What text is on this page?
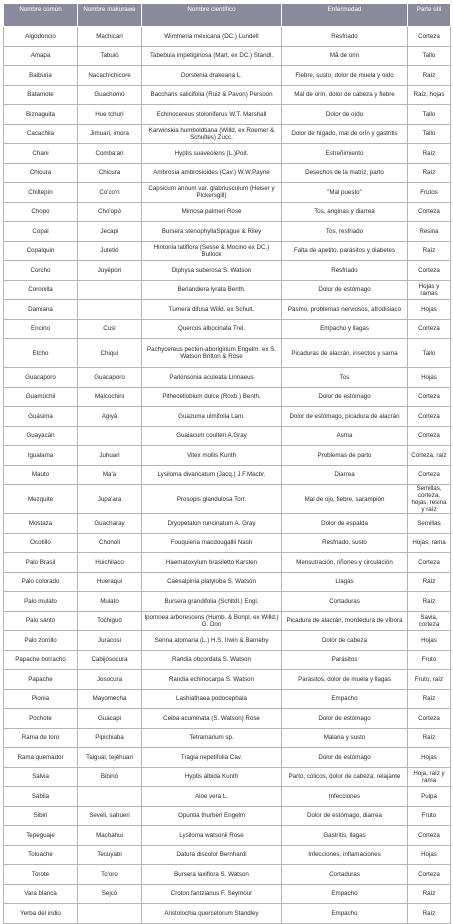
Nombre común	Nombre makurawe	Nombre científico	Enfermedad	Parte útil
Algodoncio	Machicari	Wimmeria mexicana (DC.) Lundell	Resfriado	Corteza
Amapa	Tabuió	Tabebuia impetiginosa (Mart. ex DC.) Standl.	Mã de orin	Tallo
Baiburia	Nacachichicore	Dorstenia drakeana L.	Fiebre, susto, dolor de muela y oido	Raíz
Batamote	Guachomó	Baccharis salicifolia (Ruiz & Pavon) Persoon	Mal de orín, dolor de cabeza y fiebre	Raíz, hojas
Biznaguita	Hue tchurí	Echinocereus stoloniferus W.T. Marshall	Dolor de oído	Tallo
Cacachila	Jimuari, imora	Karwinskia humboldtiana (Willd. ex Roemer & Schultes) Zucc.	Dolor de hígado, mal de orín y gastritis	Tallo
Chani	Comba'ari	Hyptis suaveolens (L.)Poit.	Estreñimiento	Raíz
Chicura	Chicura	Ambrosia ambrosioides (Cav.) W.W.Payne	Desechos de la matriz, parto	Raíz
Chiltepín	Co'co'ri	Capsicum annum var. glabriusculum (Heiser y Pickersgill)	"Mal puesto"	Frutos
Chopo	Cho'opó	Mimosa palmeri Rose	Tos, anginas y diarrea	Corteza
Copal	Jecapi	Bursera stenophyllaSprague & Riley	Tos, resfriado	Resina
Copalquin	Jutetió	Hintonia latiflora (Sesse & Mocino ex DC.) Bullock	Falta de apetito, parásitos y diabetes	Raíz
Corcho	Juyépori	Diphysa suberosa S. Watson	Resfriado	Corteza
Coronilla		Berlandiera lyrata Benth.	Dolor de estómago	Hojas y ramas
Damiana		Turnera difusa Willd. ex Schult.	Pasmo, problemas nerviosos, afrodisiaco	Hojas
Encino	Cusi	Quercus albocinata Trel.	Empacho y llagas	Corteza
Etcho	Chiquí	Pachycereus pecten-aboriginum Engelm. ex S. Watson Britton & Rose	Picaduras de alacrán, insectos y sarna	Tallo
Guacaporo	Guacaporo	Parkinsonia aculeata Linnaeus	Tos	Hojas
Guamúchil	Maicochini	Pithecellobium dulce (Roxb.) Benth.	Dolor de estómago	Corteza
Guásima	Agiyá	Guazuma ulmifolia Lam.	Dolor de estómago, picadura de alacrán	Corteza
Guayacán		Guaiacum coulteri A.Gray	Asma	Corteza
Igualama	Juhuari	Vitex mollis Kunth	Problemas de parto	Corteza, raíz
Mauto	Ma'a	Lysiloma divaricatum (Jacq.) J.F.Macbr.	Diarrea	Corteza
Mezquite	Jupa'ara	Prosopis glandulosa Torr.	Mal de ojo, fiebre, sarampión	Semillas, corteza, hojas, resina y raíz
Mostaza	Guacharay	Dryopetalon runcinatum A. Gray	Dolor de espalda	Semillas
Ocotillo	Chonoli	Fouquieria macdougallii Nash	Resfriado, susto	Hojas, rama
Palo Brasil	Huichilaco	Haematoxylum brasiletto Karsten	Mensutración, riñones y circulación	Corteza
Palo colorado	Hueraqui	Caesalpinia platyloba S. Watson	Llagas	Raíz
Palo mulato	Mulato	Bursera grandifolia (Schltdl.) Engl.	Cortaduras	Raíz
Palo santo	Tochiguó	Ipomoea arborescens (Humb. & Bonpl. ex Willd.) G. Don	Picadura de alacrán, mordedura de víbora	Savia, corteza
Palo zorrillo	Juracosi	Senna atomaria (L.) H.S. Irwin & Barneby	Dolor de cabeza	Hojas
Papache borracho	Cabijósocura	Randia obcordata S. Watson	Parásitos	Fruto
Papache	Josocura	Randia echinocarpa S. Watson	Parasitos, dolor de muela y llagas	Fruto, raíz
Pionia	Mayomecha	Lashiathaea podocephala	Empacho	Raíz
Pochote	Guacapi	Ceiba acuminata (S. Watson) Rose	Dolor de estómago	Corteza
Rama de toro	Pipichiaba	Tetramarium sp.	Malaria y susto	Raíz
Rama quemador	Taigual, tejéhuari	Tragia nepetifolia Cav.	Dolor de estómago	Hojas
Salvia	Bibinó	Hyptis albida Kunth	Parto, cólicos, dolor de cabeza, relajante	Hoja, raíz y rama
Sábila		Aloe vera L.	Infecciones	Pulpa
Sibiri	Seveli, sahueri	Opuntia thurberi Engelm	Dolor de estómago, diarrea	Fruto
Tepeguaje	Machahui	Lysiloma watsonii Rose	Gastritis, llagas	Corteza
Toloache	Tecuyabi	Datura discolor Bernhardi	Infecciones, inflamaciones	Hojas
Torote	To'oro	Bursera laxiflora S. Watson	Cortaduras	Corteza
Vara blanca	Sejcó	Croton fantzianus F. Seymour	Empacho	Raíz
Yerba del indio		Aristolochia quercetorum Standley	Empacho	Raíz
